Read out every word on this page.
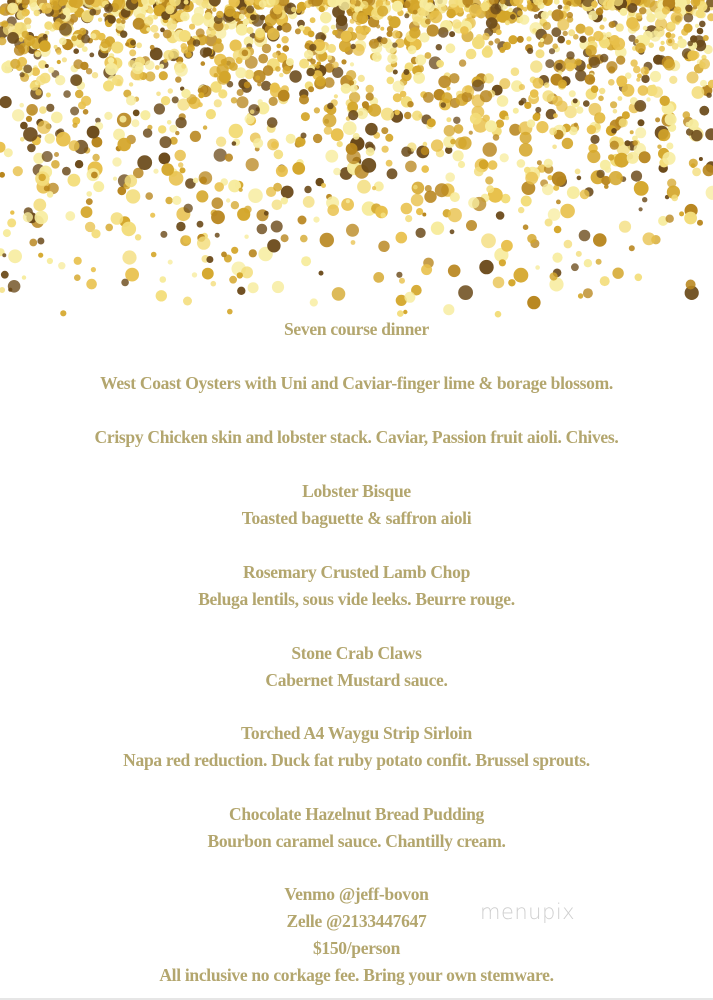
Seven course dinner
West Coast Oysters with Uni and Caviar-finger lime & borage blossom.
Crispy Chicken skin and lobster stack. Caviar, Passion fruit aioli. Chives.
Lobster Bisque
Toasted baguette & saffron aioli
Rosemary Crusted Lamb Chop
Beluga lentils, sous vide leeks. Beurre rouge.
Stone Crab Claws
Cabernet Mustard sauce.
Torched A4 Waygu Strip Sirloin
Napa red reduction. Duck fat ruby potato confit. Brussel sprouts.
Chocolate Hazelnut Bread Pudding
Bourbon caramel sauce. Chantilly cream.
Venmo @jeff-bovon
Zelle @2133447647
$150/person
All inclusive no corkage fee. Bring your own stemware.
menupix
